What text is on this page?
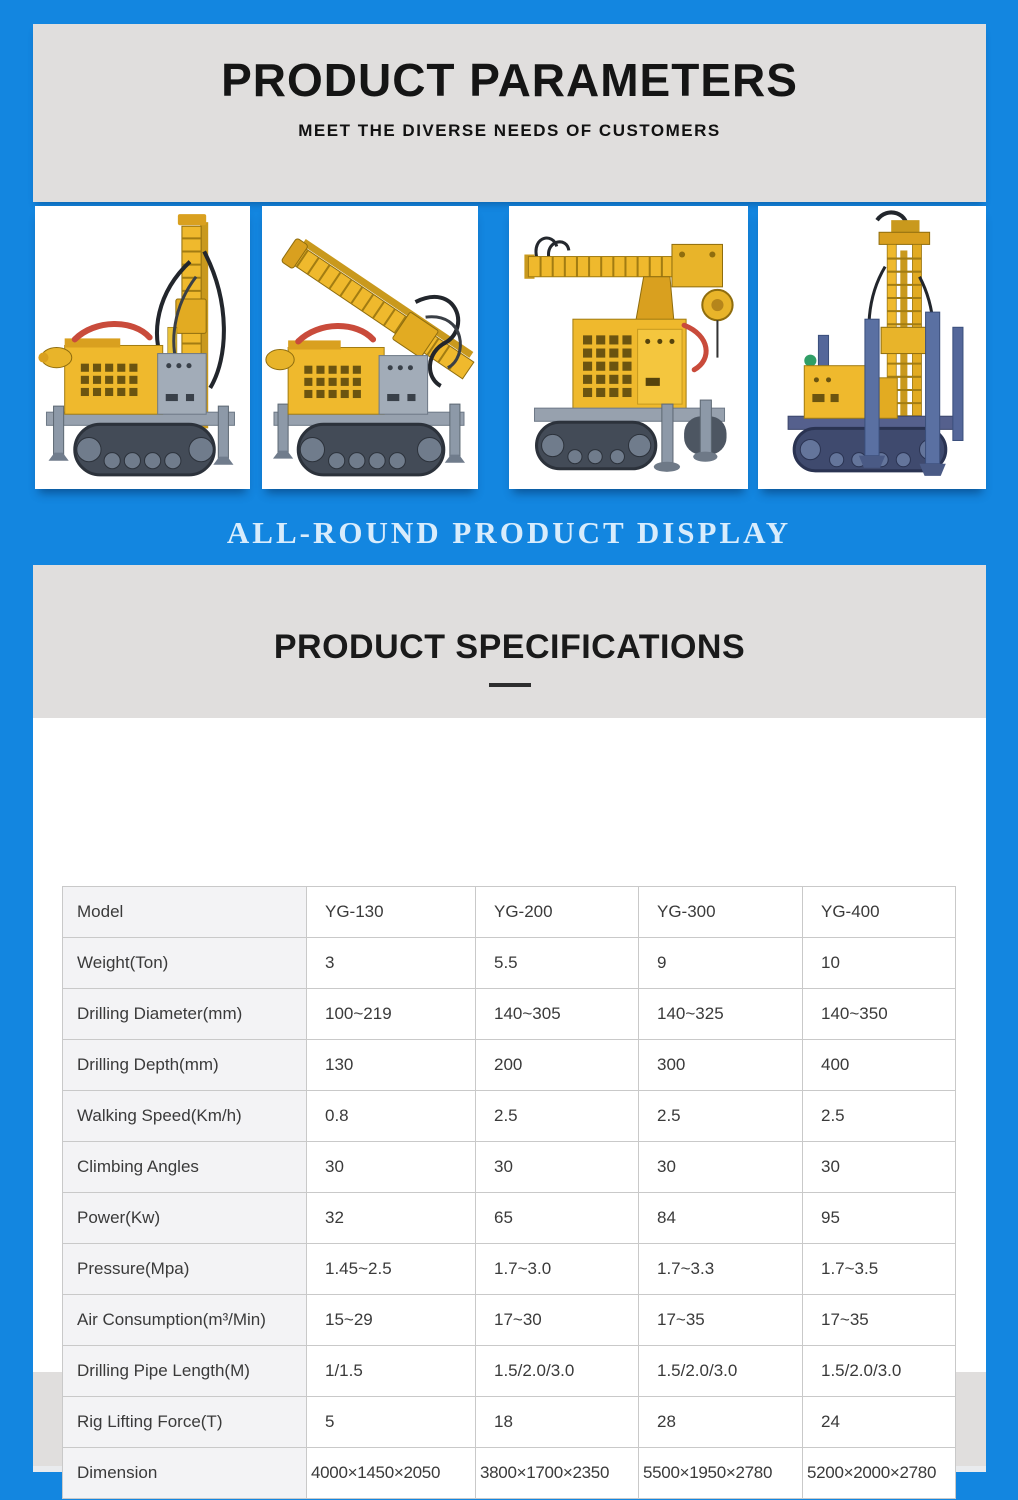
PRODUCT PARAMETERS
MEET THE DIVERSE NEEDS OF CUSTOMERS
ALL-ROUND PRODUCT DISPLAY
PRODUCT SPECIFICATIONS
Model	YG-130	YG-200	YG-300	YG-400
Weight(Ton)	3	5.5	9	10
Drilling Diameter(mm)	100~219	140~305	140~325	140~350
Drilling Depth(mm)	130	200	300	400
Walking Speed(Km/h)	0.8	2.5	2.5	2.5
Climbing Angles	30	30	30	30
Power(Kw)	32	65	84	95
Pressure(Mpa)	1.45~2.5	1.7~3.0	1.7~3.3	1.7~3.5
Air Consumption(m³/Min)	15~29	17~30	17~35	17~35
Drilling Pipe Length(M)	1/1.5	1.5/2.0/3.0	1.5/2.0/3.0	1.5/2.0/3.0
Rig Lifting Force(T)	5	18	28	24
Dimension	4000×1450×2050	3800×1700×2350	5500×1950×2780	5200×2000×2780
